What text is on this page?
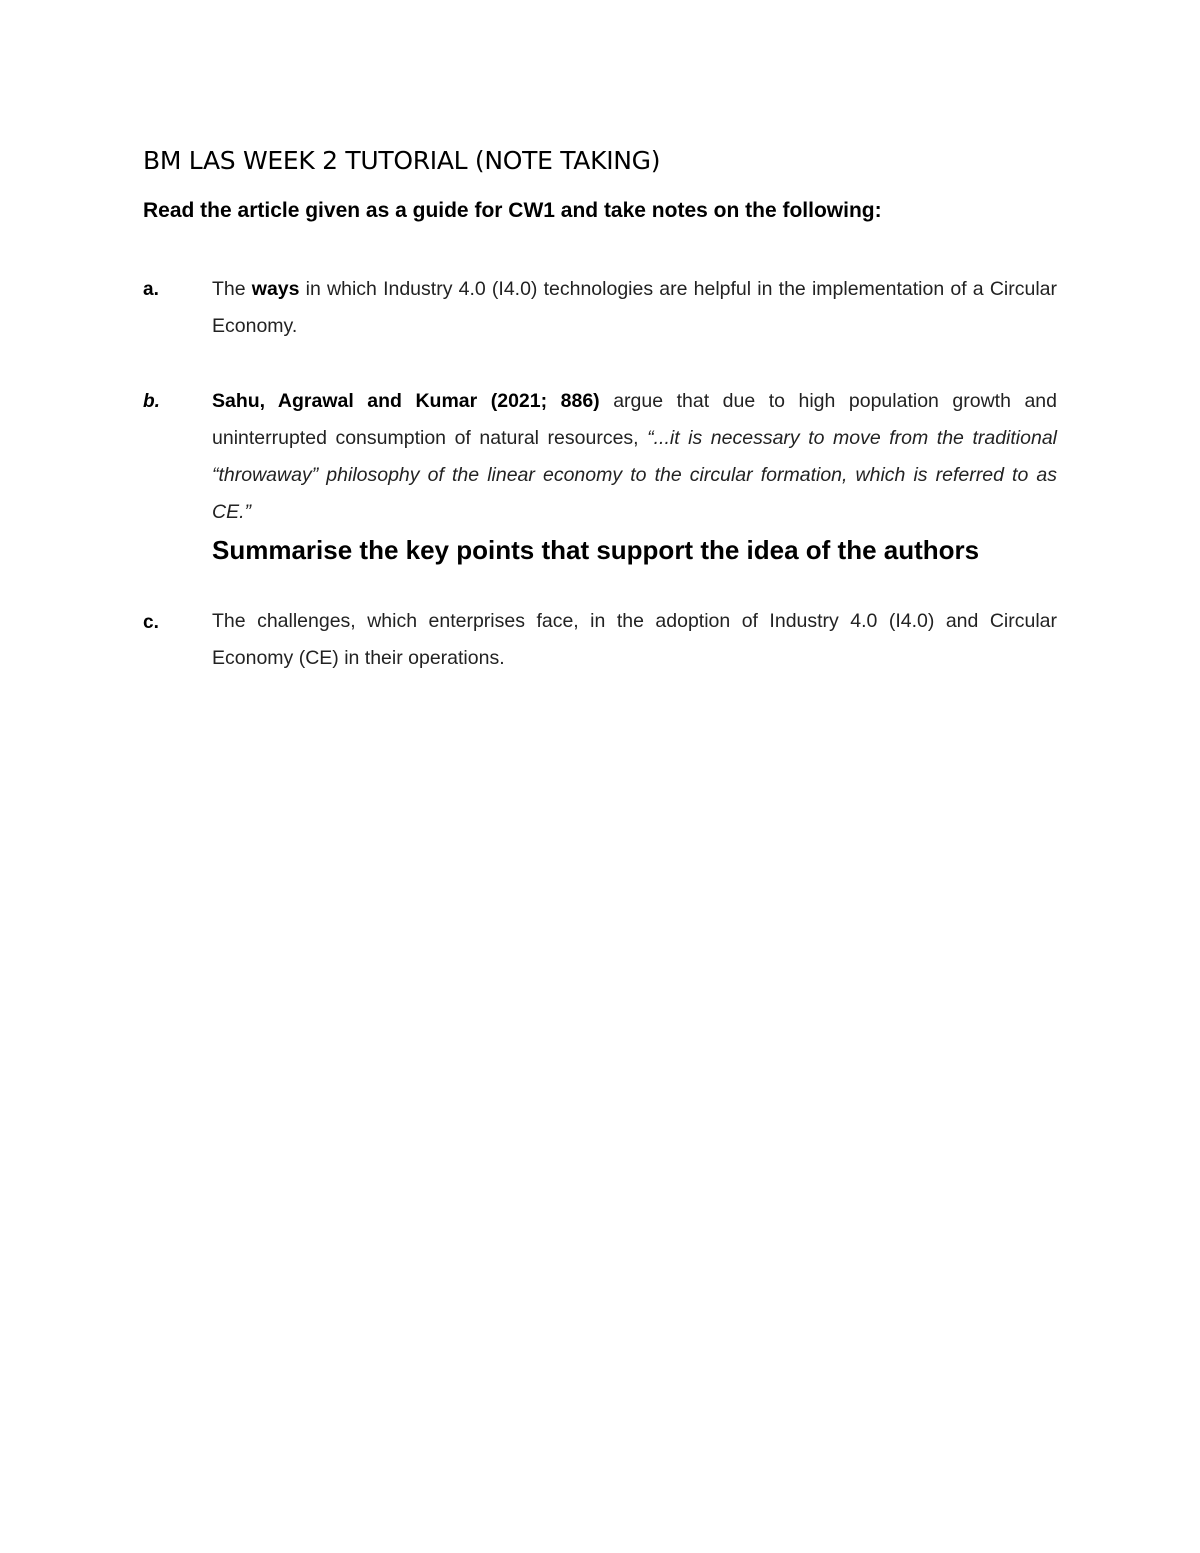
BM LAS WEEK 2 TUTORIAL (NOTE TAKING)
Read the article given as a guide for CW1 and take notes on the following:
a.	The ways in which Industry 4.0 (I4.0) technologies are helpful in the implementation of a Circular Economy.
b.	Sahu, Agrawal and Kumar (2021; 886) argue that due to high population growth and uninterrupted consumption of natural resources, “...it is necessary to move from the traditional “throwaway” philosophy of the linear economy to the circular formation, which is referred to as CE.”
Summarise the key points that support the idea of the authors
c.	The challenges, which enterprises face, in the adoption of Industry 4.0 (I4.0) and Circular Economy (CE) in their operations.
